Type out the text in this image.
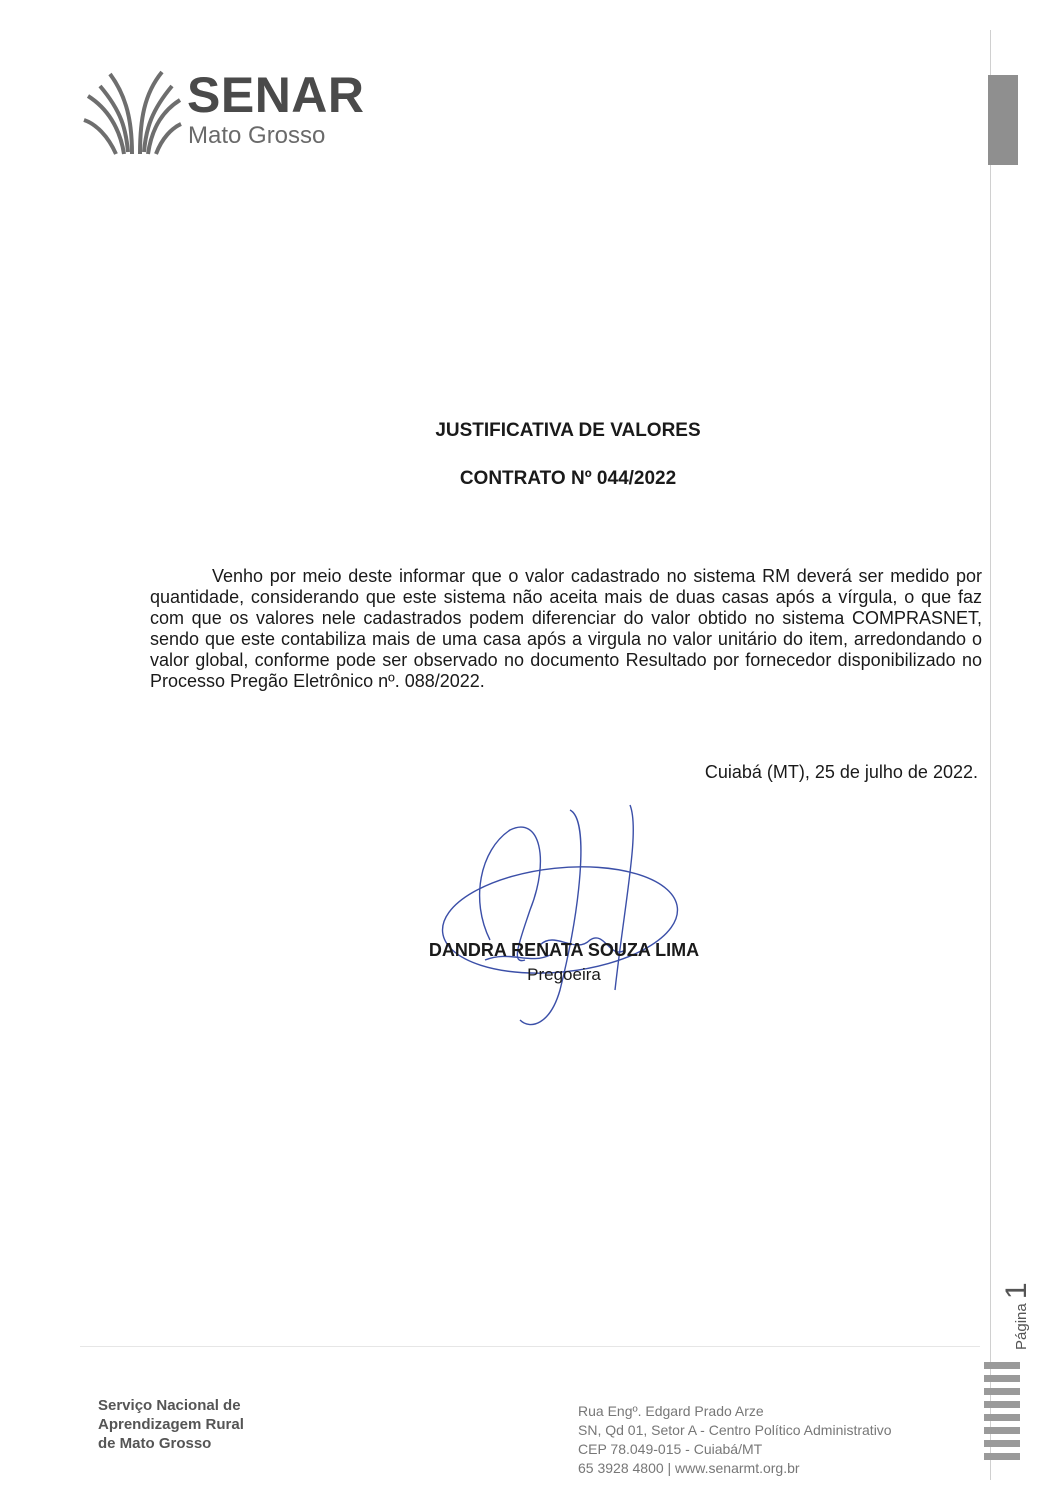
SENAR
Mato Grosso
JUSTIFICATIVA DE VALORES
CONTRATO Nº 044/2022
Venho por meio deste informar que o valor cadastrado no sistema RM deverá ser medido por quantidade, considerando que este sistema não aceita mais de duas casas após a vírgula, o que faz com que os valores nele cadastrados podem diferenciar do valor obtido no sistema COMPRASNET, sendo que este contabiliza mais de uma casa após a virgula no valor unitário do item, arredondando o valor global, conforme pode ser observado no documento Resultado por fornecedor disponibilizado no Processo Pregão Eletrônico nº. 088/2022.
Cuiabá (MT), 25 de julho de 2022.
DANDRA RENATA SOUZA LIMA
Pregoeira
Página 1
Serviço Nacional de
Aprendizagem Rural
de Mato Grosso
Rua Engº. Edgard Prado Arze
SN, Qd 01, Setor A - Centro Político Administrativo
CEP 78.049-015 - Cuiabá/MT
65 3928 4800 | www.senarmt.org.br
